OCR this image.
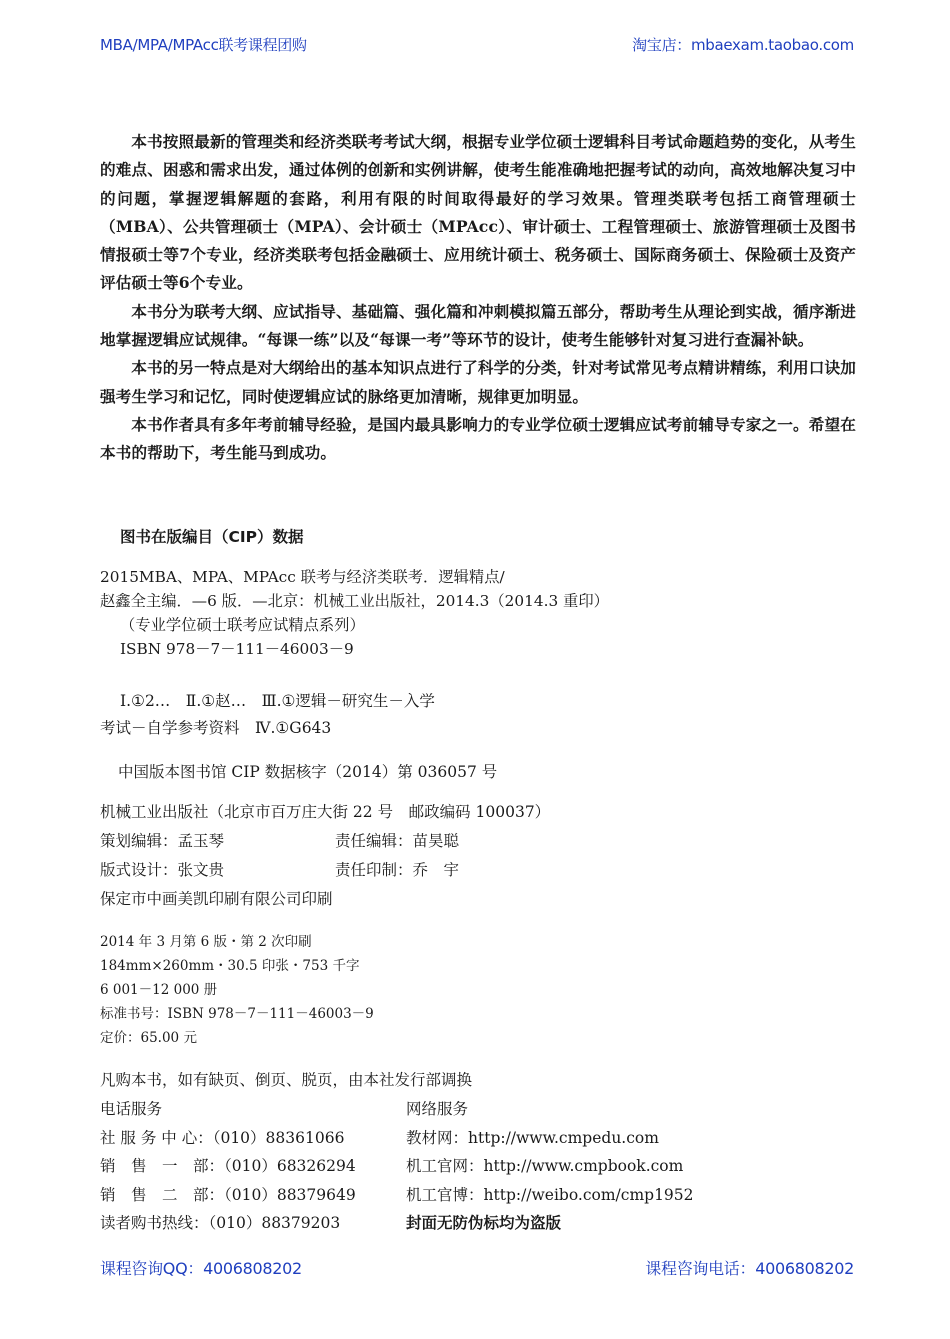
MBA/MPA/MPAcc联考课程团购	淘宝店：mbaexam.taobao.com

本书按照最新的管理类和经济类联考考试大纲，根据专业学位硕士逻辑科目考试命题趋势的变化，从考生的难点、困惑和需求出发，通过体例的创新和实例讲解，使考生能准确地把握考试的动向，高效地解决复习中的问题，掌握逻辑解题的套路，利用有限的时间取得最好的学习效果。管理类联考包括工商管理硕士（MBA）、公共管理硕士（MPA）、会计硕士（MPAcc）、审计硕士、工程管理硕士、旅游管理硕士及图书情报硕士等7个专业，经济类联考包括金融硕士、应用统计硕士、税务硕士、国际商务硕士、保险硕士及资产评估硕士等6个专业。

本书分为联考大纲、应试指导、基础篇、强化篇和冲刺模拟篇五部分，帮助考生从理论到实战，循序渐进地掌握逻辑应试规律。“每课一练”以及“每课一考”等环节的设计，使考生能够针对复习进行查漏补缺。

本书的另一特点是对大纲给出的基本知识点进行了科学的分类，针对考试常见考点精讲精练，利用口诀加强考生学习和记忆，同时使逻辑应试的脉络更加清晰，规律更加明显。

本书作者具有多年考前辅导经验，是国内最具影响力的专业学位硕士逻辑应试考前辅导专家之一。希望在本书的帮助下，考生能马到成功。

图书在版编目（CIP）数据
2015MBA、MPA、MPAcc 联考与经济类联考．逻辑精点/
赵鑫全主编．—6 版．—北京：机械工业出版社，2014.3（2014.3 重印）
（专业学位硕士联考应试精点系列）
ISBN 978－7－111－46003－9
Ⅰ.①2…　Ⅱ.①赵…　Ⅲ.①逻辑－研究生－入学
考试－自学参考资料　Ⅳ.①G643
中国版本图书馆 CIP 数据核字（2014）第 036057 号
机械工业出版社（北京市百万庄大街 22 号　邮政编码 100037）
策划编辑：孟玉琴	责任编辑：苗昊聪
版式设计：张文贵	责任印制：乔　宇
保定市中画美凯印刷有限公司印刷
2014 年 3 月第 6 版・第 2 次印刷
184mm×260mm・30.5 印张・753 千字
6 001－12 000 册
标准书号：ISBN 978－7－111－46003－9
定价：65.00 元
凡购本书，如有缺页、倒页、脱页，由本社发行部调换
电话服务	网络服务
社 服 务 中 心：（010）88361066	教材网：http://www.cmpedu.com
销　售　一　部：（010）68326294	机工官网：http://www.cmpbook.com
销　售　二　部：（010）88379649	机工官博：http://weibo.com/cmp1952
读者购书热线：（010）88379203	封面无防伪标均为盗版
课程咨询QQ：4006808202	课程咨询电话：4006808202
